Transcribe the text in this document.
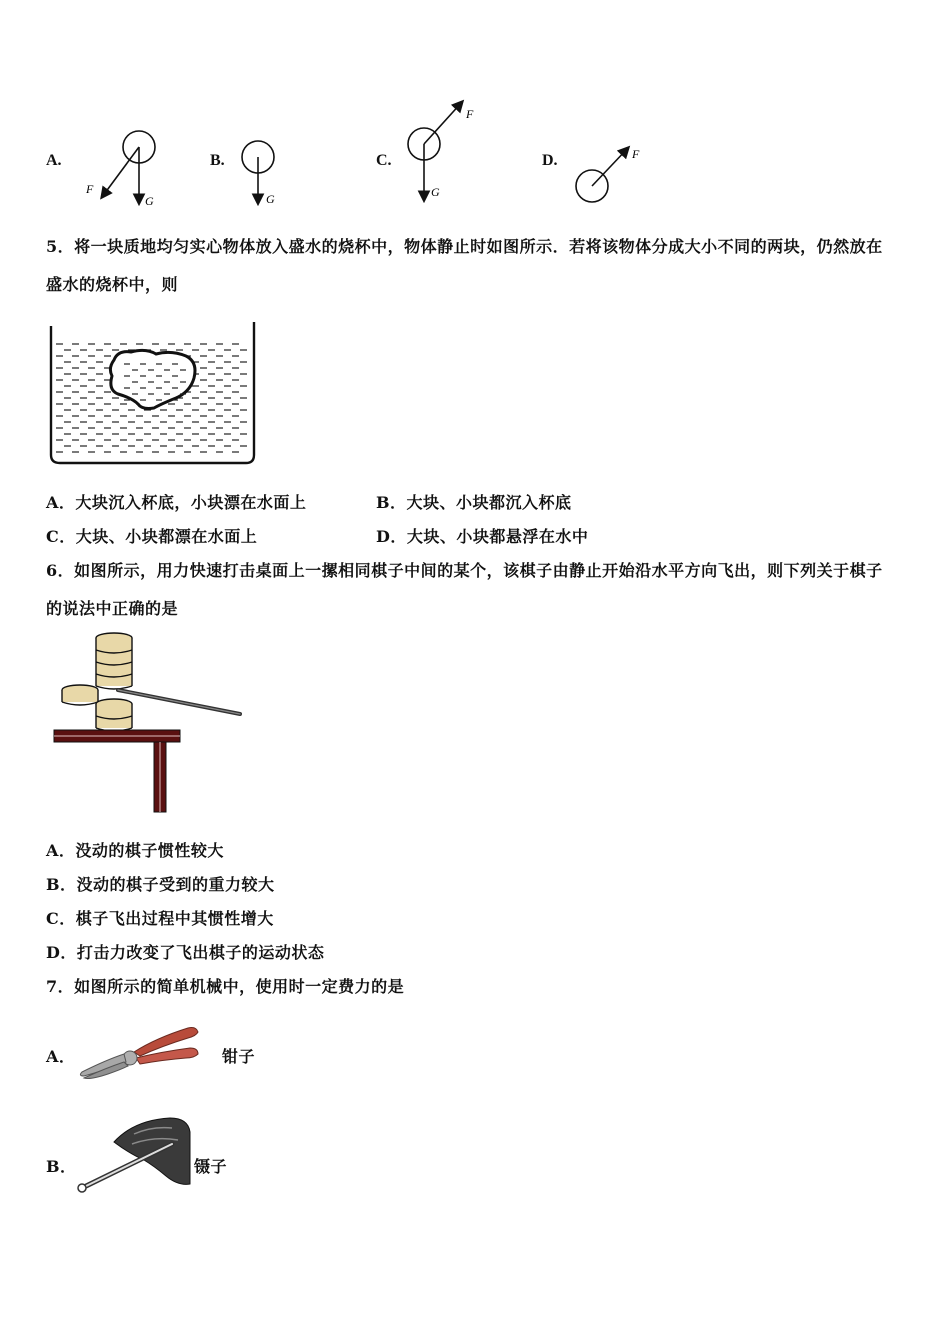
A.
F
G
B.
G
C.
F
G
D.	F
5．将一块质地均匀实心物体放入盛水的烧杯中，物体静止时如图所示．若将该物体分成大小不同的两块，仍然放在
盛水的烧杯中，则
A．大块沉入杯底，小块漂在水面上	B．大块、小块都沉入杯底
C．大块、小块都漂在水面上	D．大块、小块都悬浮在水中
6．如图所示，用力快速打击桌面上一摞相同棋子中间的某个，该棋子由静止开始沿水平方向飞出，则下列关于棋子
的说法中正确的是
A．没动的棋子惯性较大
B．没动的棋子受到的重力较大
C．棋子飞出过程中其惯性增大
D．打击力改变了飞出棋子的运动状态
7．如图所示的简单机械中，使用时一定费力的是
A．	钳子
B．	镊子
